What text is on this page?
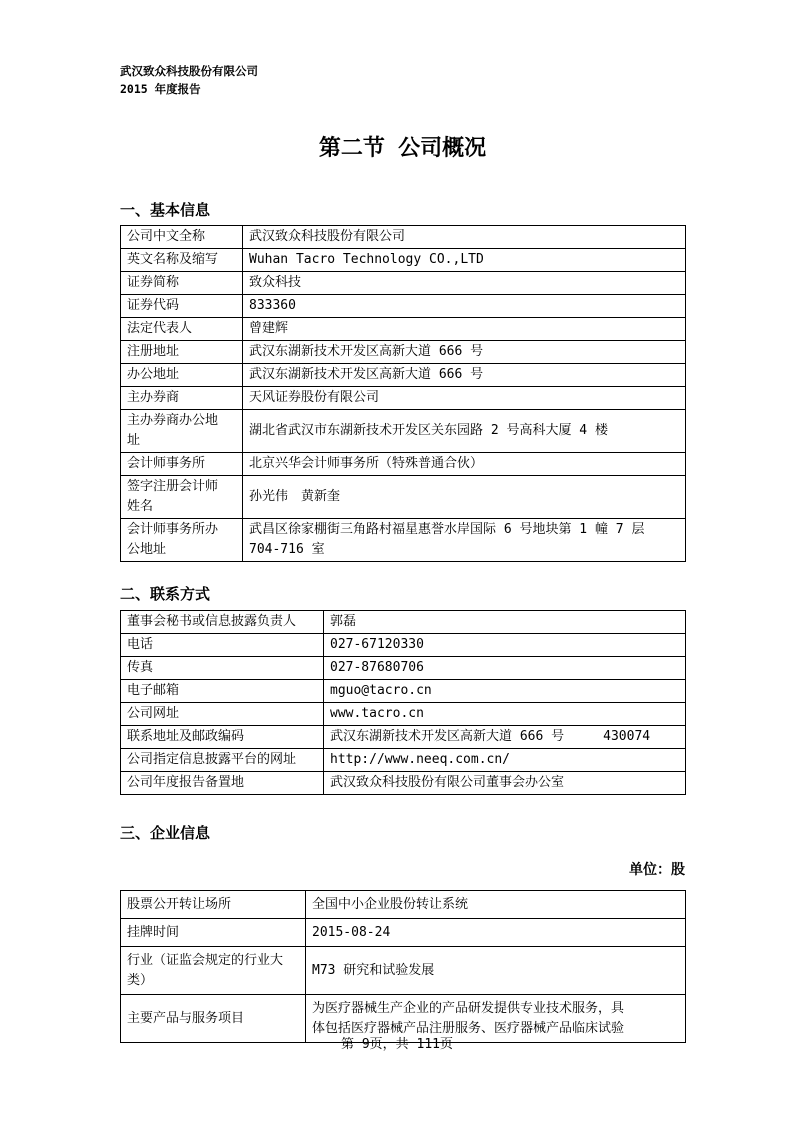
武汉致众科技股份有限公司
2015 年度报告
第二节 公司概况
一、基本信息
公司中文全称	武汉致众科技股份有限公司
英文名称及缩写	Wuhan Tacro Technology CO.,LTD
证券简称	致众科技
证券代码	833360
法定代表人	曾建辉
注册地址	武汉东湖新技术开发区高新大道 666 号
办公地址	武汉东湖新技术开发区高新大道 666 号
主办券商	天风证券股份有限公司
主办券商办公地址	湖北省武汉市东湖新技术开发区关东园路 2 号高科大厦 4 楼
会计师事务所	北京兴华会计师事务所（特殊普通合伙）
签字注册会计师姓名	孙光伟　黄新奎
会计师事务所办公地址	武昌区徐家棚街三角路村福星惠誉水岸国际 6 号地块第 1 幢 7 层 704-716 室
二、联系方式
董事会秘书或信息披露负责人	郭磊
电话	027-67120330
传真	027-87680706
电子邮箱	mguo@tacro.cn
公司网址	www.tacro.cn
联系地址及邮政编码	武汉东湖新技术开发区高新大道 666 号　　　430074
公司指定信息披露平台的网址	http://www.neeq.com.cn/
公司年度报告备置地	武汉致众科技股份有限公司董事会办公室
三、企业信息
单位：股
股票公开转让场所	全国中小企业股份转让系统
挂牌时间	2015-08-24
行业（证监会规定的行业大类）	M73 研究和试验发展
主要产品与服务项目	为医疗器械生产企业的产品研发提供专业技术服务，具体包括医疗器械产品注册服务、医疗器械产品临床试验
第 9页，共 111页
